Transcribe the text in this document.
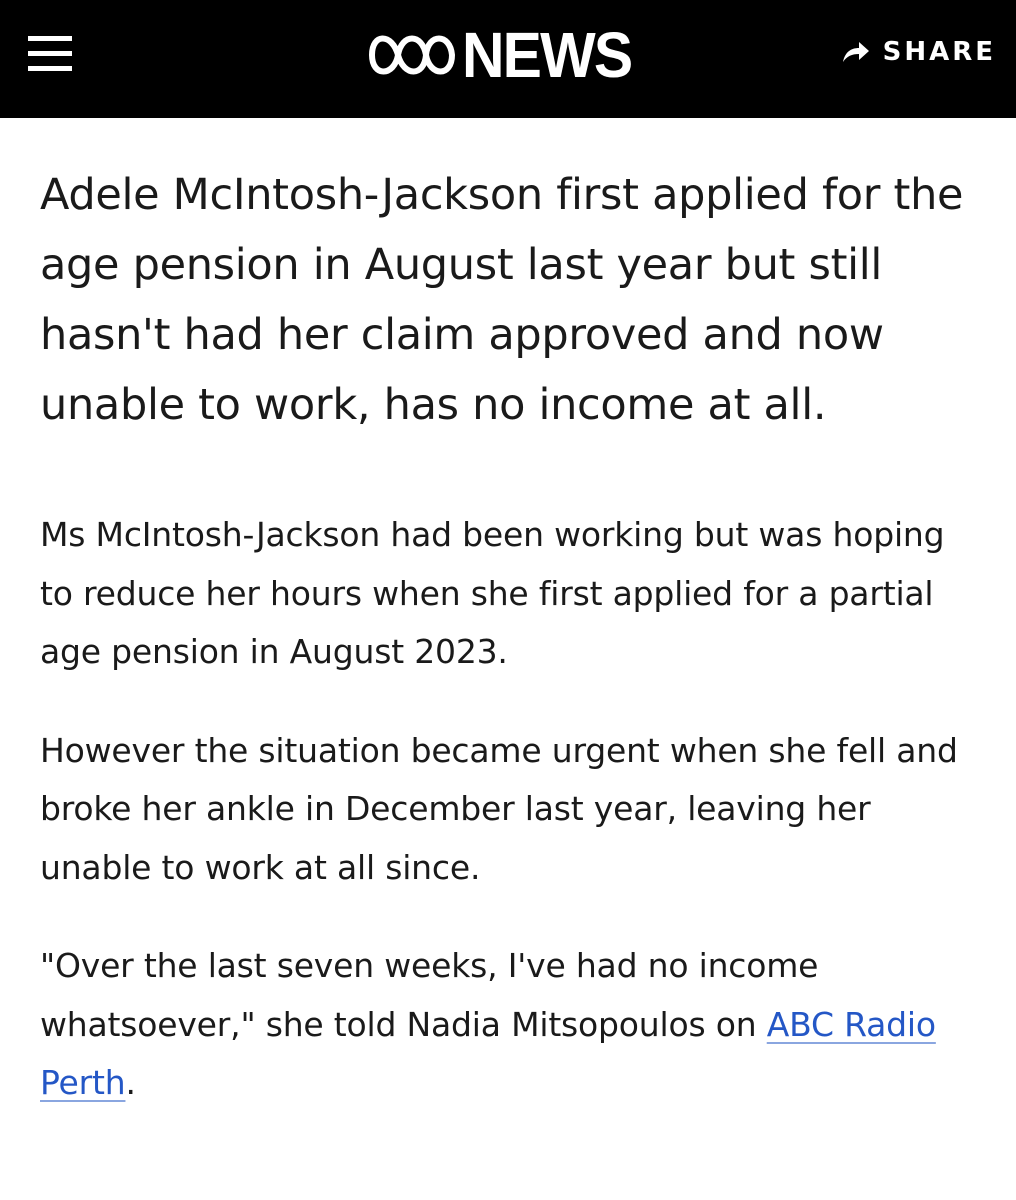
NEWS	SHARE

Adele McIntosh-Jackson first applied for the age pension in August last year but still hasn't had her claim approved and now unable to work, has no income at all.

Ms McIntosh-Jackson had been working but was hoping to reduce her hours when she first applied for a partial age pension in August 2023.

However the situation became urgent when she fell and broke her ankle in December last year, leaving her unable to work at all since.

"Over the last seven weeks, I've had no income whatsoever," she told Nadia Mitsopoulos on ABC Radio Perth.
